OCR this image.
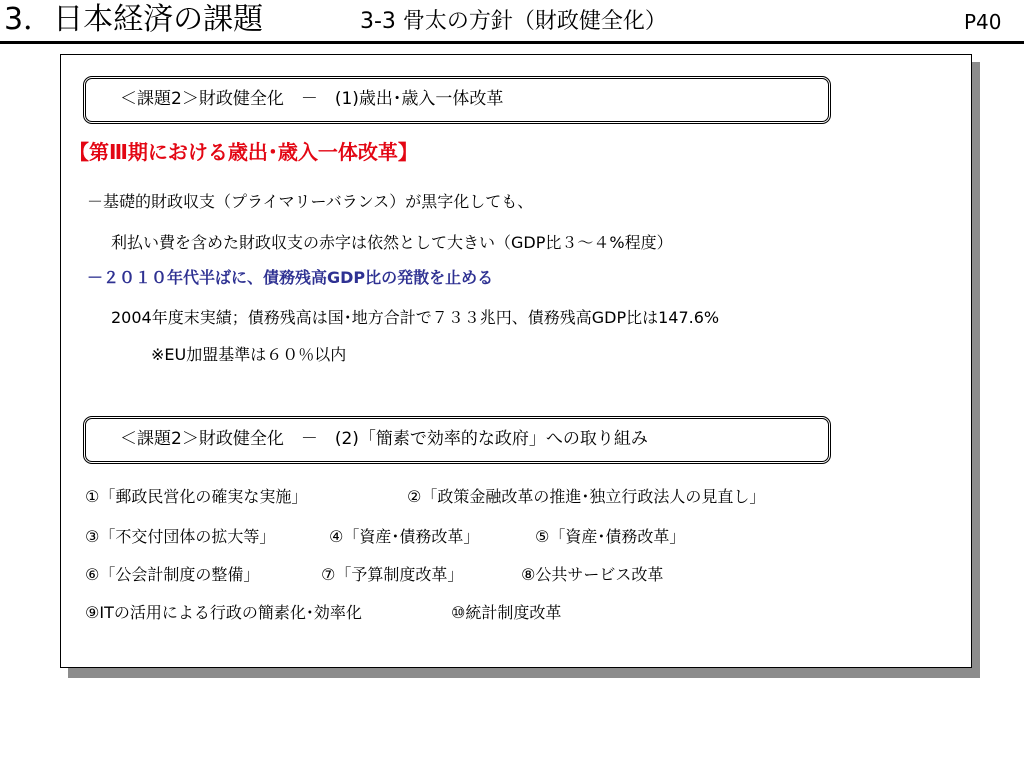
3．日本経済の課題	3-3 骨太の方針（財政健全化）	P40
＜課題2＞財政健全化　－　(1)歳出･歳入一体改革
【第Ⅲ期における歳出･歳入一体改革】
－基礎的財政収支（プライマリーバランス）が黒字化しても、
利払い費を含めた財政収支の赤字は依然として大きい（GDP比３～４%程度）
－２０１０年代半ばに、債務残高GDP比の発散を止める
2004年度末実績；債務残高は国･地方合計で７３３兆円、債務残高GDP比は147.6%
※EU加盟基準は６０％以内
＜課題2＞財政健全化　－　(2)「簡素で効率的な政府」への取り組み
①「郵政民営化の確実な実施」	②「政策金融改革の推進･独立行政法人の見直し」
③「不交付団体の拡大等」	④「資産･債務改革」	⑤「資産･債務改革」
⑥「公会計制度の整備」	⑦「予算制度改革」	⑧公共サービス改革
⑨ITの活用による行政の簡素化･効率化	⑩統計制度改革
